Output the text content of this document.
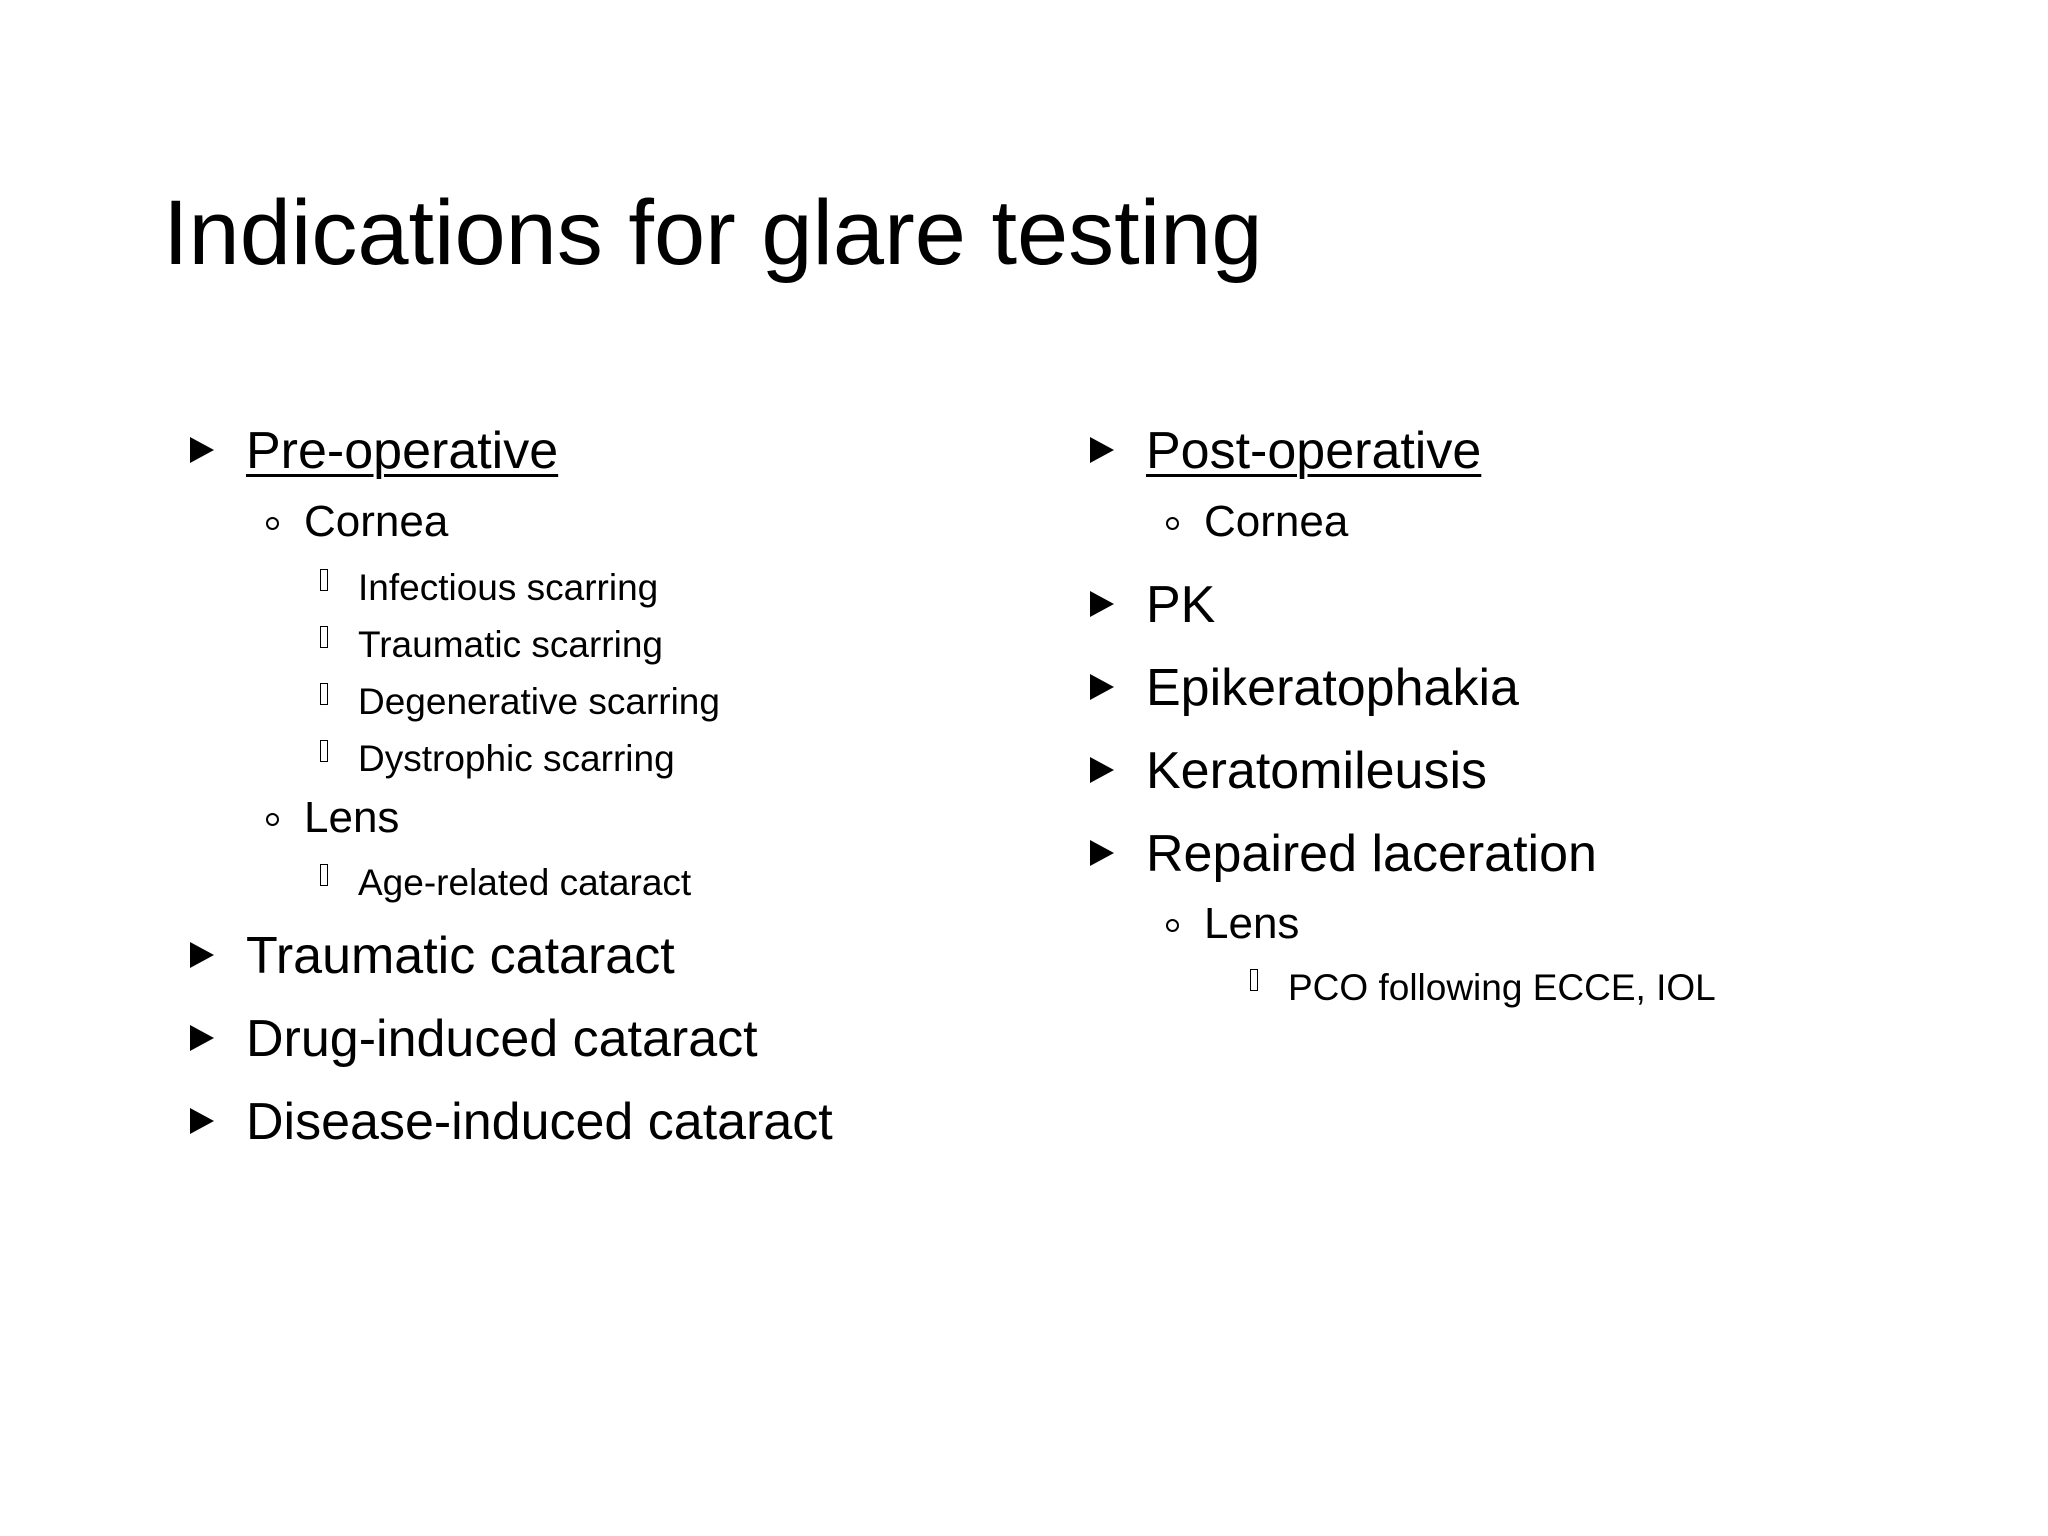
Indications for glare testing
Pre-operative
Cornea
Infectious scarring
Traumatic scarring
Degenerative scarring
Dystrophic scarring
Lens
Age-related cataract
Traumatic cataract
Drug-induced cataract
Disease-induced cataract
Post-operative
Cornea
PK
Epikeratophakia
Keratomileusis
Repaired laceration
Lens
PCO following ECCE, IOL
